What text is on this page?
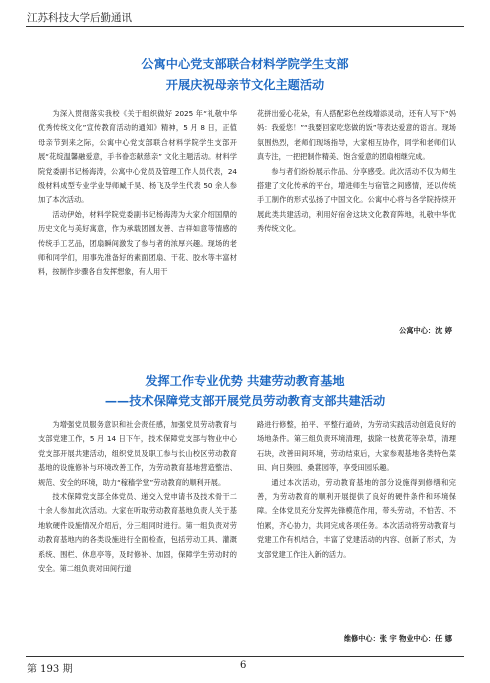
江苏科技大学后勤通讯
公寓中心党支部联合材料学院学生支部
开展庆祝母亲节文化主题活动

为深入贯彻落实我校《关于组织做好 2025 年“礼敬中华优秀传统文化”宣传教育活动的通知》精神，5 月 8 日，正值母亲节到来之际，公寓中心党支部联合材料学院学生支部开展“花绽温馨融爱意，手书眷恋献慈亲” 文化主题活动。材料学院党委副书记杨海涛，公寓中心党员及管理工作人员代表，24 级材料成型专业学业导师臧千昊、杨飞及学生代表 50 余人参加了本次活动。

活动伊始，材料学院党委副书记杨海涛为大家介绍国鼎的历史文化与美好寓意，作为承载团圆友善、吉祥如意等情感的传统手工艺品，团扇瞬间激发了参与者的浓厚兴趣。现场的老师和同学们，用事先准备好的素面团扇、干花、胶水等丰富材料，按制作步骤各自发挥想象，有人用干

花拼出爱心花朵，有人搭配彩色丝线增添灵动，还有人写下“妈妈：我爱您！”“我要回家吃您做的饭”等表达爱意的语言。现场氛围热烈，老师们现场指导，大家相互协作，同学和老师们认真专注，一把把制作精美、饱含爱意的团扇相继完成。

参与者们纷纷展示作品、分享感受。此次活动不仅为师生搭建了文化传承的平台，增进师生与宿管之间感情，还以传统手工制作的形式弘扬了中国文化。公寓中心将与各学院持续开展此类共建活动，利用好宿舍这块文化教育阵地，礼敬中华优秀传统文化。

公寓中心：沈 婷
发挥工作专业优势 共建劳动教育基地
——技术保障党支部开展党员劳动教育支部共建活动

为增强党员服务意识和社会责任感，加强党员劳动教育与支部党建工作，5 月 14 日下午，技术保障党支部与物业中心党支部开展共建活动，组织党员及职工参与长山校区劳动教育基地的设施修补与环境改善工作，为劳动教育基地营造整洁、规范、安全的环境，助力“稼穑学堂”劳动教育的顺利开展。

技术保障党支部全体党员、递交入党申请书及技术骨干二十余人参加此次活动。大家在听取劳动教育基地负责人关于基地软硬件设施情况介绍后，分三组同时进行。第一组负责对劳动教育基地内的各类设施进行全面检查，包括劳动工具、灌溉系统、围栏、休息亭等，及时修补、加固，保障学生劳动时的安全。第二组负责对田间行道

路进行修整，拍平、平整行道砖，为劳动实践活动创造良好的场地条件。第三组负责环境清理，拔除一枝黄花等杂草，清理石块，改善田间环境，劳动结束后，大家参观基地各类特色菜田、向日葵园、桑葚园等，享受田园乐趣。

通过本次活动，劳动教育基地的部分设施得到修缮和完善，为劳动教育的顺利开展提供了良好的硬件条件和环境保障。全体党员充分发挥先锋模范作用，带头劳动，不怕苦、不怕累，齐心协力，共同完成各项任务。本次活动将劳动教育与党建工作有机结合，丰富了党建活动的内容、创新了形式，为支部党建工作注入新的活力。

维修中心：张 宇 物业中心：任 娜
第 193 期	6
